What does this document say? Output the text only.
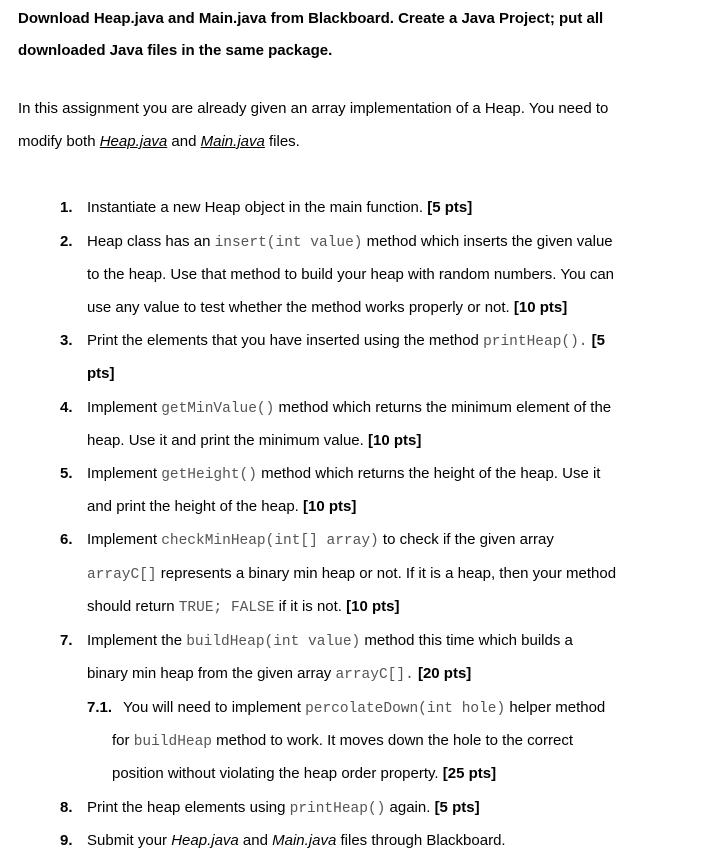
Download Heap.java and Main.java from Blackboard. Create a Java Project; put all
downloaded Java files in the same package.
In this assignment you are already given an array implementation of a Heap. You need to
modify both Heap.java and Main.java files.
1. Instantiate a new Heap object in the main function. [5 pts]
2. Heap class has an insert(int value) method which inserts the given value
to the heap. Use that method to build your heap with random numbers. You can
use any value to test whether the method works properly or not. [10 pts]
3. Print the elements that you have inserted using the method printHeap(). [5
pts]
4. Implement getMinValue() method which returns the minimum element of the
heap. Use it and print the minimum value. [10 pts]
5. Implement getHeight() method which returns the height of the heap. Use it
and print the height of the heap. [10 pts]
6. Implement checkMinHeap(int[] array) to check if the given array
arrayC[] represents a binary min heap or not. If it is a heap, then your method
should return TRUE; FALSE if it is not. [10 pts]
7. Implement the buildHeap(int value) method this time which builds a
binary min heap from the given array arrayC[]. [20 pts]
7.1. You will need to implement percolateDown(int hole) helper method
for buildHeap method to work. It moves down the hole to the correct
position without violating the heap order property. [25 pts]
8. Print the heap elements using printHeap() again. [5 pts]
9. Submit your Heap.java and Main.java files through Blackboard.
